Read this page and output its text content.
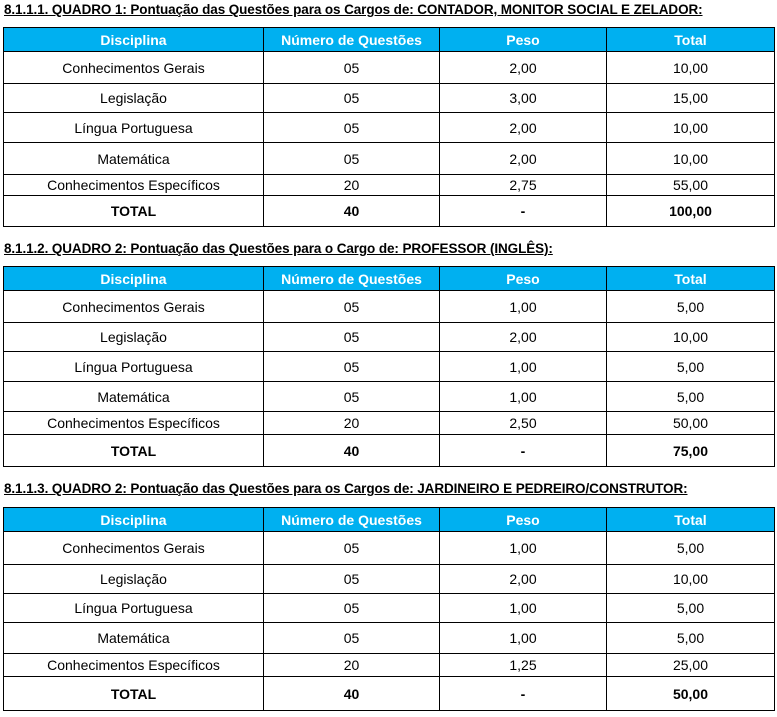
8.1.1.1. QUADRO 1: Pontuação das Questões para os Cargos de: CONTADOR, MONITOR SOCIAL E ZELADOR:
Disciplina	Número de Questões	Peso	Total
Conhecimentos Gerais	05	2,00	10,00
Legislação	05	3,00	15,00
Língua Portuguesa	05	2,00	10,00
Matemática	05	2,00	10,00
Conhecimentos Específicos	20	2,75	55,00
TOTAL	40	-	100,00
8.1.1.2. QUADRO 2: Pontuação das Questões para o Cargo de: PROFESSOR (INGLÊS):
Disciplina	Número de Questões	Peso	Total
Conhecimentos Gerais	05	1,00	5,00
Legislação	05	2,00	10,00
Língua Portuguesa	05	1,00	5,00
Matemática	05	1,00	5,00
Conhecimentos Específicos	20	2,50	50,00
TOTAL	40	-	75,00
8.1.1.3. QUADRO 2: Pontuação das Questões para os Cargos de: JARDINEIRO E PEDREIRO/CONSTRUTOR:
Disciplina	Número de Questões	Peso	Total
Conhecimentos Gerais	05	1,00	5,00
Legislação	05	2,00	10,00
Língua Portuguesa	05	1,00	5,00
Matemática	05	1,00	5,00
Conhecimentos Específicos	20	1,25	25,00
TOTAL	40	-	50,00
